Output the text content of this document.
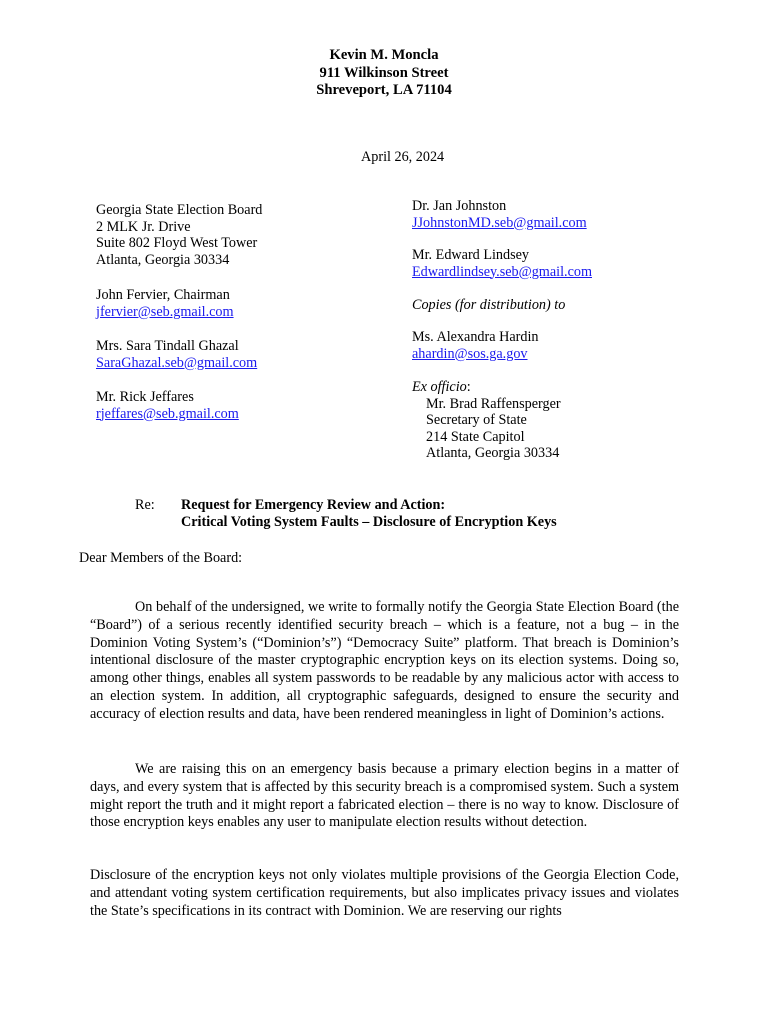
Kevin M. Moncla
911 Wilkinson Street
Shreveport, LA 71104
April 26, 2024
Georgia State Election Board
2 MLK Jr. Drive
Suite 802 Floyd West Tower
Atlanta, Georgia 30334
John Fervier, Chairman
jfervier@seb.gmail.com
Mrs. Sara Tindall Ghazal
SaraGhazal.seb@gmail.com
Mr. Rick Jeffares
rjeffares@seb.gmail.com
Dr. Jan Johnston
JJohnstonMD.seb@gmail.com
Mr. Edward Lindsey
Edwardlindsey.seb@gmail.com
Copies (for distribution) to
Ms. Alexandra Hardin
ahardin@sos.ga.gov
Ex officio:
Mr. Brad Raffensperger
Secretary of State
214 State Capitol
Atlanta, Georgia 30334
Re: Request for Emergency Review and Action:
Critical Voting System Faults – Disclosure of Encryption Keys
Dear Members of the Board:

On behalf of the undersigned, we write to formally notify the Georgia State Election Board (the “Board”) of a serious recently identified security breach – which is a feature, not a bug – in the Dominion Voting System’s (“Dominion’s”) “Democracy Suite” platform. That breach is Dominion’s intentional disclosure of the master cryptographic encryption keys on its election systems. Doing so, among other things, enables all system passwords to be readable by any malicious actor with access to an election system. In addition, all cryptographic safeguards, designed to ensure the security and accuracy of election results and data, have been rendered meaningless in light of Dominion’s actions.

We are raising this on an emergency basis because a primary election begins in a matter of days, and every system that is affected by this security breach is a compromised system. Such a system might report the truth and it might report a fabricated election – there is no way to know. Disclosure of those encryption keys enables any user to manipulate election results without detection.

Disclosure of the encryption keys not only violates multiple provisions of the Georgia Election Code, and attendant voting system certification requirements, but also implicates privacy issues and violates the State’s specifications in its contract with Dominion. We are reserving our rights
